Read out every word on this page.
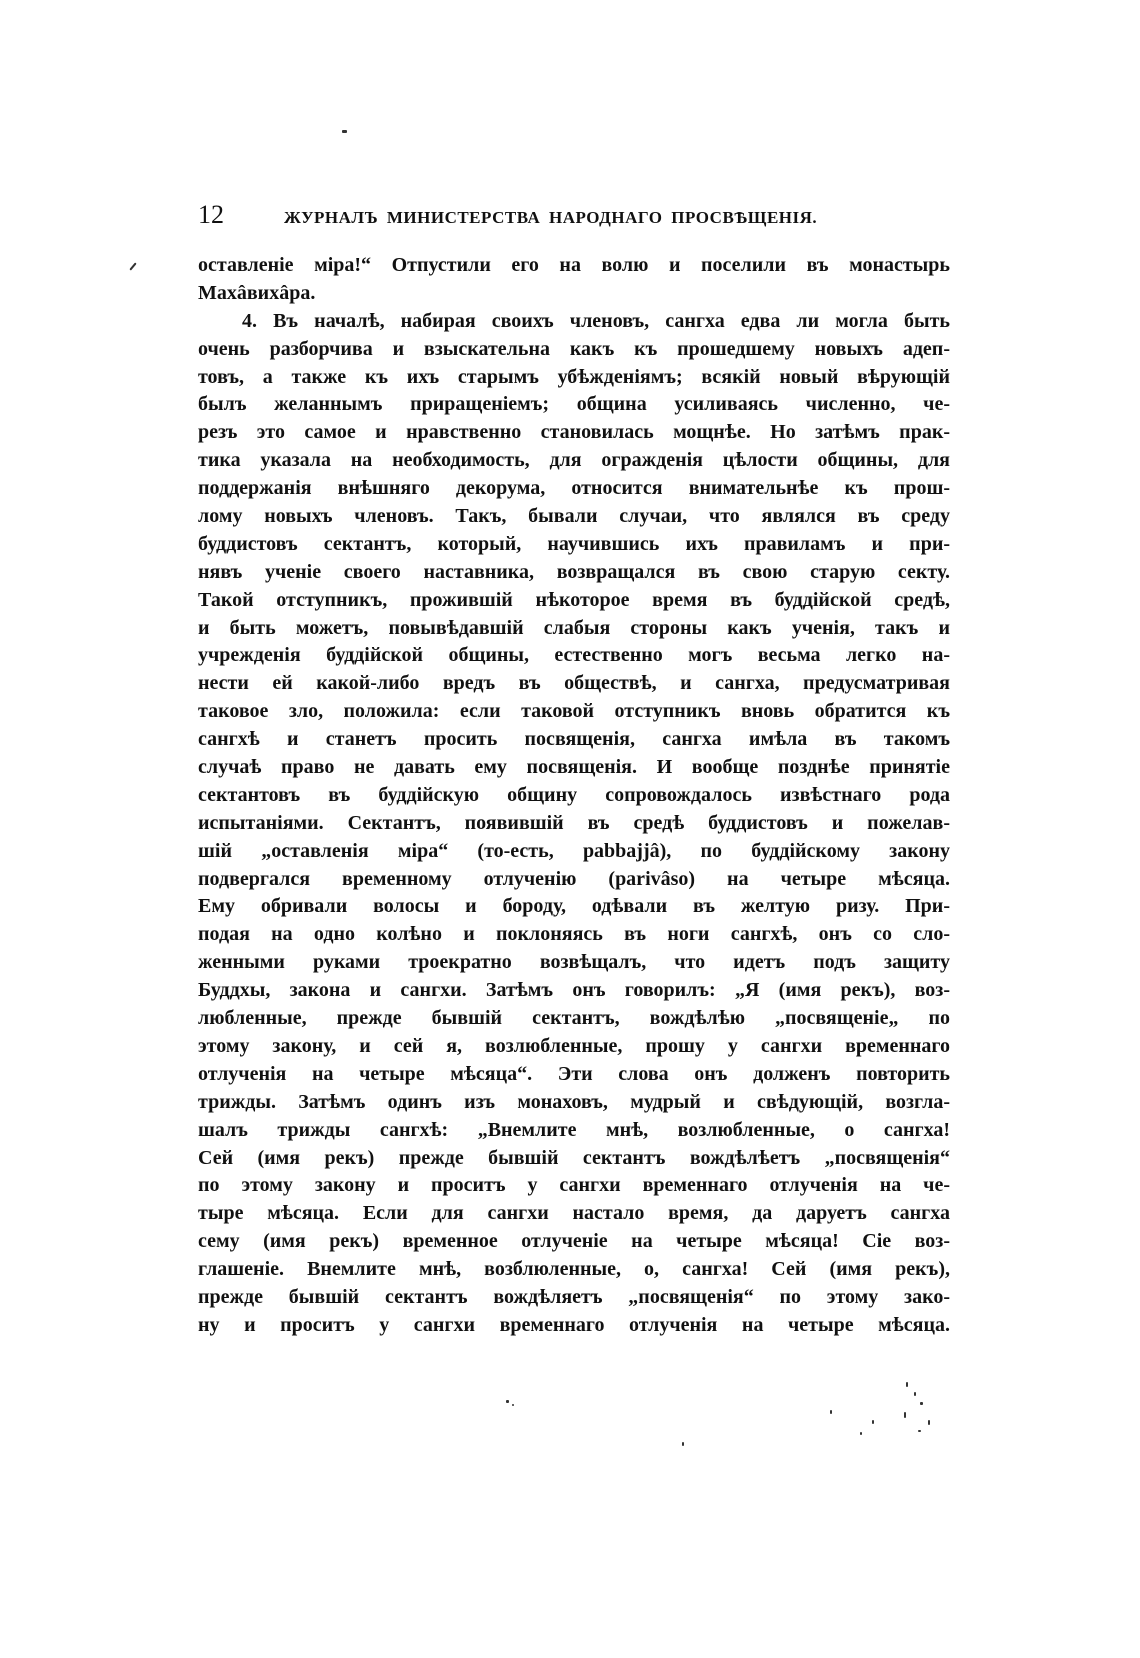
12	ЖУРНАЛЪ МИНИСТЕРСТВА НАРОДНАГО ПРОСВѢЩЕНІЯ.
оставленіе міра!“ Отпустили его на волю и поселили въ монастырь
Махâвихâра.
4. Въ началѣ, набирая своихъ членовъ, сангха едва ли могла быть
очень разборчива и взыскательна какъ къ прошедшему новыхъ адеп-
товъ, а также къ ихъ старымъ убѣжденіямъ; всякій новый вѣрующій
былъ желаннымъ приращеніемъ; община усиливаясь численно, че-
резъ это самое и нравственно становилась мощнѣе. Но затѣмъ прак-
тика указала на необходимость, для огражденія цѣлости общины, для
поддержанія внѣшняго декорума, относится внимательнѣе къ прош-
лому новыхъ членовъ. Такъ, бывали случаи, что являлся въ среду
буддистовъ сектантъ, который, научившись ихъ правиламъ и при-
нявъ ученіе своего наставника, возвращался въ свою старую секту.
Такой отступникъ, прожившій нѣкоторое время въ буддійской средѣ,
и быть можетъ, повывѣдавшій слабыя стороны какъ ученія, такъ и
учрежденія буддійской общины, естественно могъ весьма легко на-
нести ей какой-либо вредъ въ обществѣ, и сангха, предусматривая
таковое зло, положила: если таковой отступникъ вновь обратится къ
сангхѣ и станетъ просить посвященія, сангха имѣла въ такомъ
случаѣ право не давать ему посвященія. И вообще позднѣе принятіе
сектантовъ въ буддійскую общину сопровождалось извѣстнаго рода
испытаніями. Сектантъ, появившій въ средѣ буддистовъ и пожелав-
шій „оставленія міра“ (то-есть, pabbajjâ), по буддійскому закону
подвергался временному отлученію (parivâso) на четыре мѣсяца.
Ему обривали волосы и бороду, одѣвали въ желтую ризу. При-
подая на одно колѣно и поклоняясь въ ноги сангхѣ, онъ со сло-
женными руками троекратно возвѣщалъ, что идетъ подъ защиту
Буддхы, закона и сангхи. Затѣмъ онъ говорилъ: „Я (имя рекъ), воз-
любленные, прежде бывшій сектантъ, вождѣлѣю „посвященіе„ по
этому закону, и сей я, возлюбленные, прошу у сангхи временнаго
отлученія на четыре мѣсяца“. Эти слова онъ долженъ повторить
трижды. Затѣмъ одинъ изъ монаховъ, мудрый и свѣдующій, возгла-
шалъ трижды сангхѣ: „Внемлите мнѣ, возлюбленные, о сангха!
Сей (имя рекъ) прежде бывшій сектантъ вождѣлѣетъ „посвященія“
по этому закону и проситъ у сангхи временнаго отлученія на че-
тыре мѣсяца. Если для сангхи настало время, да даруетъ сангха
сему (имя рекъ) временное отлученіе на четыре мѣсяца! Сіе воз-
глашеніе. Внемлите мнѣ, возблюленные, о, сангха! Сей (имя рекъ),
прежде бывшій сектантъ вождѣляетъ „посвященія“ по этому зако-
ну и проситъ у сангхи временнаго отлученія на четыре мѣсяца.
